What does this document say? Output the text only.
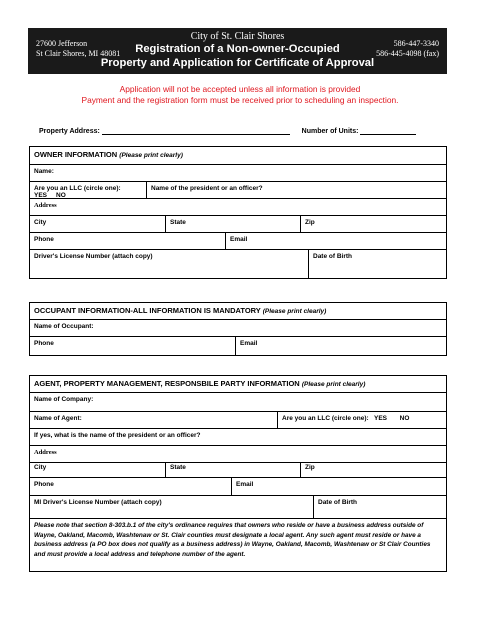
27600 Jefferson
St Clair Shores, MI 48081
City of St. Clair Shores
Registration of a Non-owner-Occupied
Property and Application for Certificate of Approval
586-447-3340
586-445-4098 (fax)
Application will not be accepted unless all information is provided
Payment and the registration form must be received prior to scheduling an inspection.
Property Address:	Number of Units:
OWNER INFORMATION (Please print clearly)
Name:
Are you an LLC (circle one):   YES NO
Name of the president or an officer?
Address
City	State	Zip
Phone	Email
Driver's License Number (attach copy)	Date of Birth
OCCUPANT INFORMATION-ALL INFORMATION IS MANDATORY (Please print clearly)
Name of Occupant:
Phone	Email
AGENT, PROPERTY MANAGEMENT, RESPONSBILE PARTY INFORMATION (Please print clearly)
Name of Company:
Name of Agent:	Are you an LLC (circle one): YES NO
If yes, what is the name of the president or an officer?
Address
City	State	Zip
Phone	Email
MI Driver's License Number (attach copy)	Date of Birth
Please note that section 8-303.b.1 of the city's ordinance requires that owners who reside or have a business address outside of Wayne, Oakland, Macomb, Washtenaw or St. Clair counties must designate a local agent. Any such agent must reside or have a business address (a PO box does not qualify as a business address) in Wayne, Oakland, Macomb, Washtenaw or St Clair Counties and must provide a local address and telephone number of the agent.
